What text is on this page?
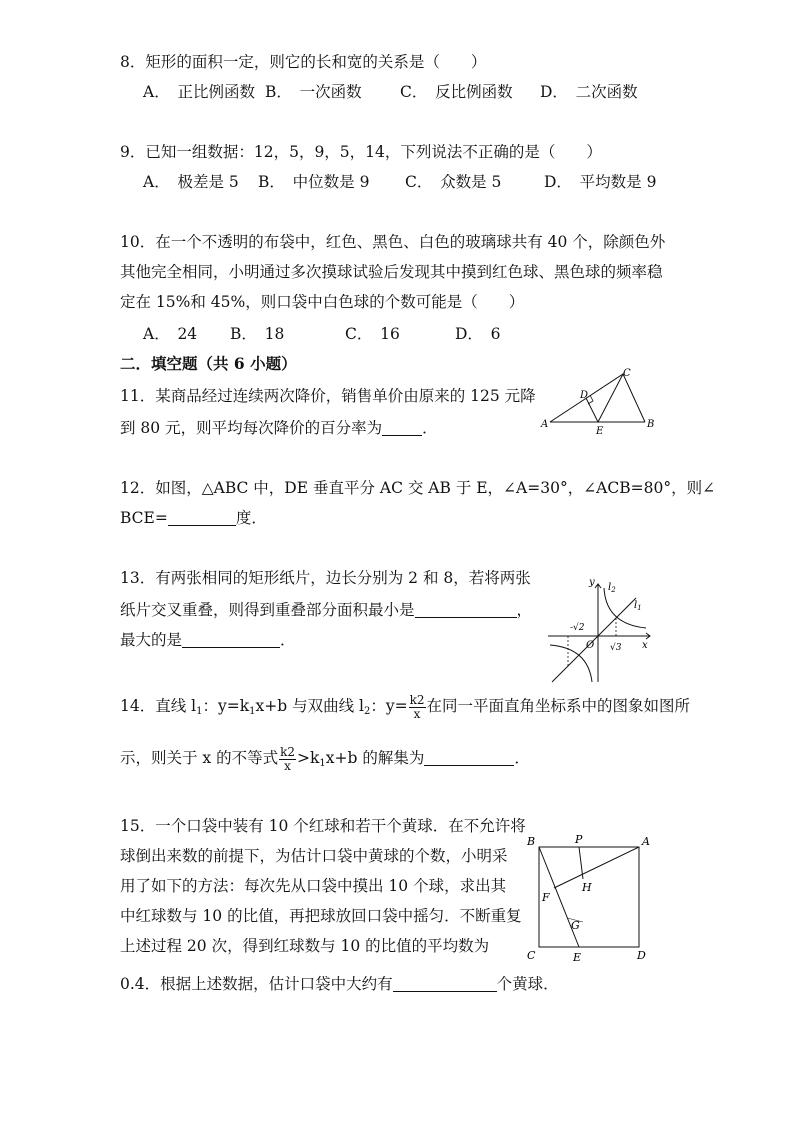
8．矩形的面积一定，则它的长和宽的关系是（　　）
A．　正比例函数 B．　一次函数 C．　反比例函数 D．　二次函数
9．已知一组数据：12，5，9，5，14，下列说法不正确的是（　　）
A．　极差是 5 B．　中位数是 9 C．　众数是 5	D．　平均数是 9
10．在一个不透明的布袋中，红色、黑色、白色的玻璃球共有 40 个，除颜色外
其他完全相同，小明通过多次摸球试验后发现其中摸到红色球、黑色球的频率稳
定在 15%和 45%，则口袋中白色球的个数可能是（　　）
A．　24 B．　18	C．　16	D．　6
二．填空题（共 6 小题）
11．某商品经过连续两次降价，销售单价由原来的 125 元降
到 80 元，则平均每次降价的百分率为	．	A	B
C
D
E
12．如图，△ABC 中，DE 垂直平分 AC 交 AB 于 E，∠A=30°，∠ACB=80°，则∠
BCE=	度．
13．有两张相同的矩形纸片，边长分别为 2 和 8，若将两张
纸片交叉重叠，则得到重叠部分面积最小是	，
最大的是	．
y
x
O
$l_2$
$l_1$
-√2
√3
14．直线 $l_1$：$y=k_1x+b$ 与双曲线 $l_2$：$y= \frac{k2}{x}$ 在同一平面直角坐标系中的图象如图所
示，则关于 x 的不等式 $\frac{k2}{x} >k_1x+b$ 的解集为	．
15．一个口袋中装有 10 个红球和若干个黄球．在不允许将
球倒出来数的前提下，为估计口袋中黄球的个数，小明采
用了如下的方法：每次先从口袋中摸出 10 个球，求出其
中红球数与 10 的比值，再把球放回口袋中摇匀．不断重复
上述过程 20 次，得到红球数与 10 的比值的平均数为
0.4．根据上述数据，估计口袋中大约有	个黄球．
B	A
C	D
E
F
G
H
P
